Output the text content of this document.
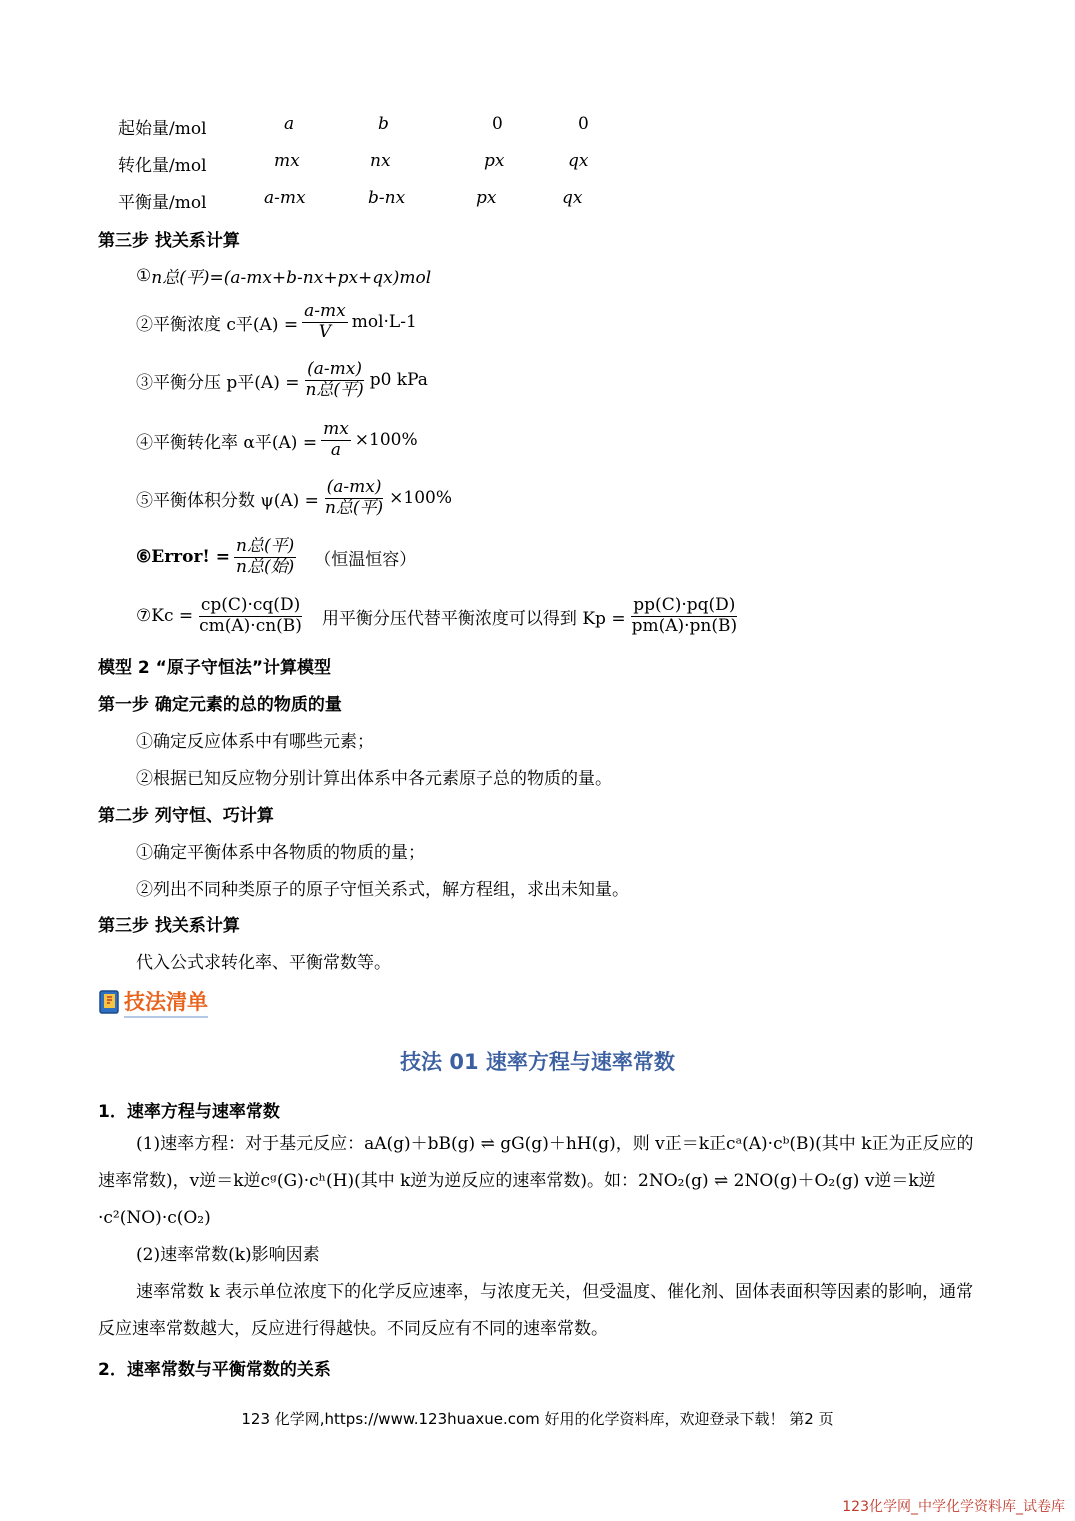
起始量/mol	a	b	0	0
转化量/mol	mx	nx	px	qx
平衡量/mol	a-mx	b-nx	px	qx
第三步 找关系计算
① n总(平)=(a-mx+b-nx+px+qx)mol
②平衡浓度 c平$(A) = \frac{a-mx}{V} mol\cdot L-1$
③平衡分压 p平$(A) = \frac{(a-mx)}{\text{n总(平)}} p0$ kPa
④平衡转化率 α平$(A) = \frac{mx}{a} \times 100\%$
⑤平衡体积分数 $\psi(A) = \frac{(a-mx)}{\text{n总(平)}} \times 100\%$
⑥Error! = $\frac{\text{n总(平)}}{\text{n总(始)}}$ （恒温恒容）
⑦Kc = $\frac{cp(C)\cdot cq(D)}{cm(A)\cdot cn(B)}$ 用平衡分压代替平衡浓度可以得到 $Kp = \frac{pp(C)\cdot pq(D)}{pm(A)\cdot pn(B)}$
模型 2 “原子守恒法”计算模型
第一步 确定元素的总的物质的量
①确定反应体系中有哪些元素；
②根据已知反应物分别计算出体系中各元素原子总的物质的量。
第二步 列守恒、巧计算
①确定平衡体系中各物质的物质的量；
②列出不同种类原子的原子守恒关系式，解方程组，求出未知量。
第三步 找关系计算
代入公式求转化率、平衡常数等。
技法清单
技法 01 速率方程与速率常数
1．速率方程与速率常数
(1)速率方程：对于基元反应：aA(g)＋bB(g) ⇌ gG(g)＋hH(g)，则 v正＝k正cᵃ(A)·cᵇ(B)(其中 k正为正反应的速率常数)，v逆＝k逆cᵍ(G)·cʰ(H)(其中 k逆为逆反应的速率常数)。如：2NO₂(g) ⇌ 2NO(g)＋O₂(g) v逆＝k逆·c²(NO)·c(O₂)
(2)速率常数(k)影响因素
速率常数 k 表示单位浓度下的化学反应速率，与浓度无关，但受温度、催化剂、固体表面积等因素的影响，通常反应速率常数越大，反应进行得越快。不同反应有不同的速率常数。
2．速率常数与平衡常数的关系
123 化学网,https://www.123huaxue.com 好用的化学资料库，欢迎登录下载！ 第2 页
123化学网_中学化学资料库_试卷库
